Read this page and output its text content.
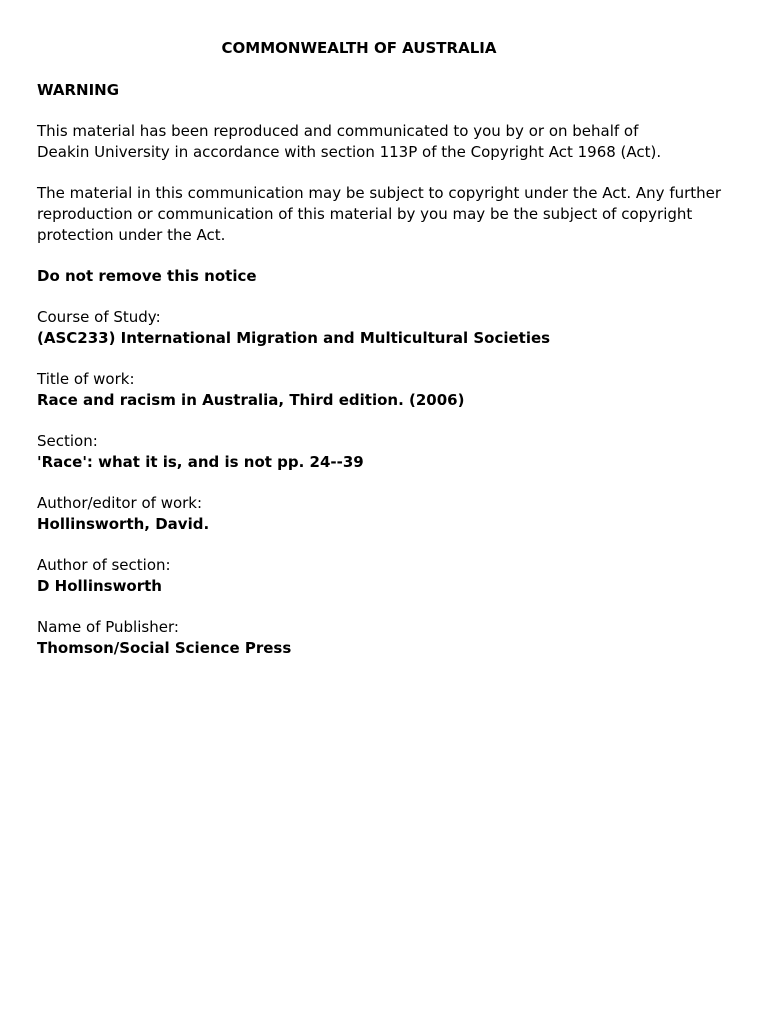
COMMONWEALTH OF AUSTRALIA

WARNING

This material has been reproduced and communicated to you by or on behalf of

Deakin University in accordance with section 113P of the Copyright Act 1968 (Act).

The material in this communication may be subject to copyright under the Act. Any further

reproduction or communication of this material by you may be the subject of copyright

protection under the Act.

Do not remove this notice

Course of Study:

(ASC233) International Migration and Multicultural Societies

Title of work:

Race and racism in Australia, Third edition. (2006)

Section:

'Race': what it is, and is not pp. 24--39

Author/editor of work:

Hollinsworth, David.

Author of section:

D Hollinsworth

Name of Publisher:

Thomson/Social Science Press
